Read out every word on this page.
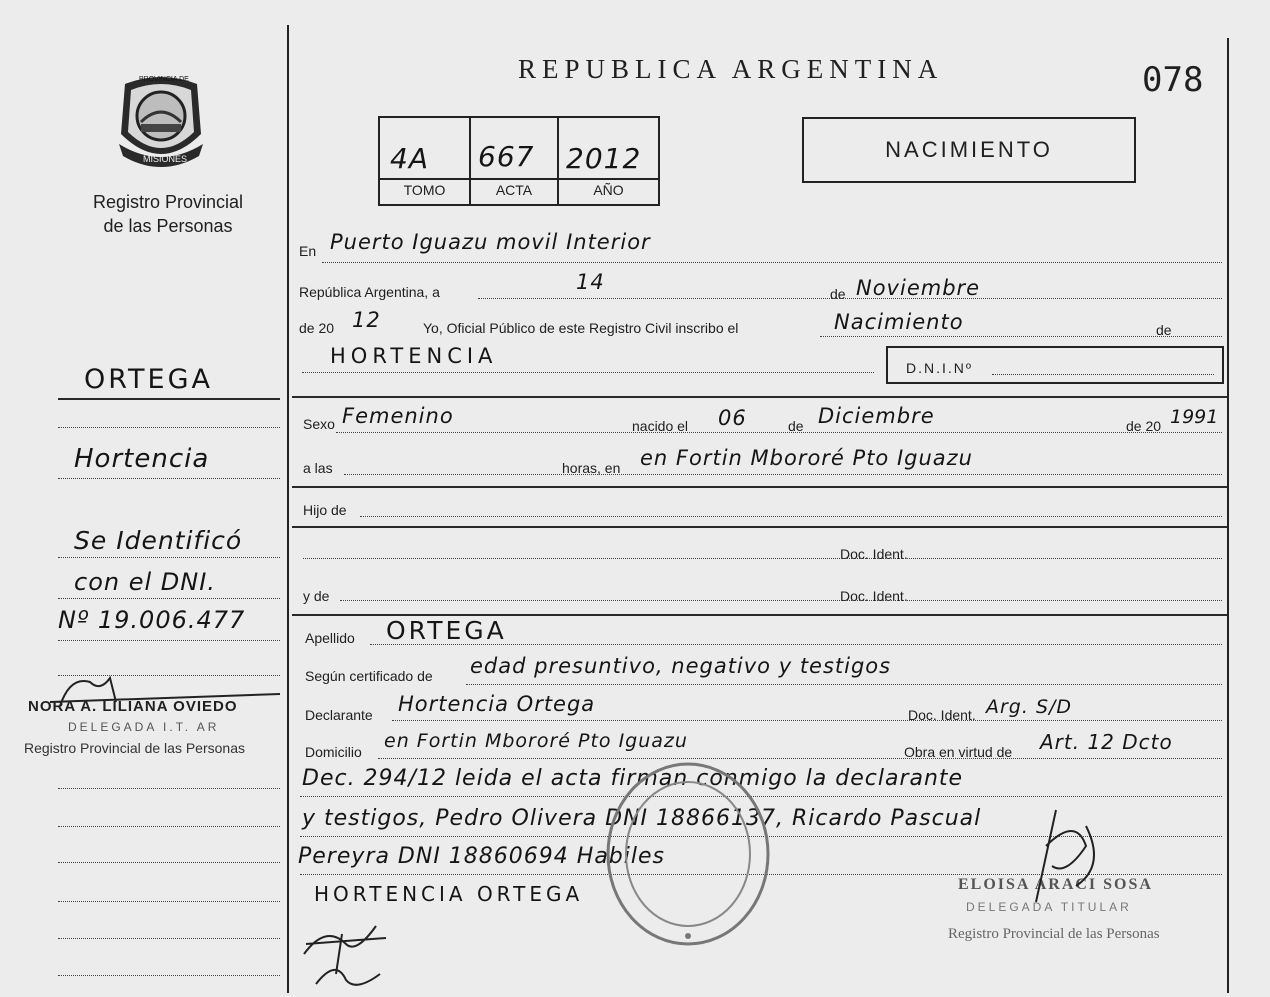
PROVINCIA DE
MISIONES
Registro Provincial
de las Personas
REPUBLICA ARGENTINA	078
4A 667 2012
TOMO	ACTA	AÑO
NACIMIENTO
ORTEGA
Hortencia
Se Identificó
con el DNI.
Nº 19.006.477
NORA A. LILIANA OVIEDO
DELEGADA I.T. AR
Registro Provincial de las Personas
En Puerto Iguazu movil Interior
República Argentina, a	14	de Noviembre
de 20 12	Yo, Oficial Público de este Registro Civil inscribo el	Nacimiento	de
HORTENCIA	D.N.I.Nº
Sexo Femenino	nacido el 06	de Diciembre	de 20 1991
a las	horas, en en Fortin Mbororé Pto Iguazu
Hijo de
Doc. Ident.
y de	Doc. Ident.
Apellido ORTEGA
Según certificado de edad presuntivo, negativo y testigos
Declarante Hortencia Ortega	Doc. Ident. Arg. S/D
Domicilio en Fortin Mbororé Pto Iguazu	Obra en virtud de Art. 12 Dcto
Dec. 294/12 leida el acta firman conmigo la declarante
y testigos, Pedro Olivera DNI 18866137, Ricardo Pascual
Pereyra DNI 18860694 Habiles
HORTENCIA ORTEGA	ELOISA ARACI SOSA
DELEGADA TITULAR
Registro Provincial de las Personas
